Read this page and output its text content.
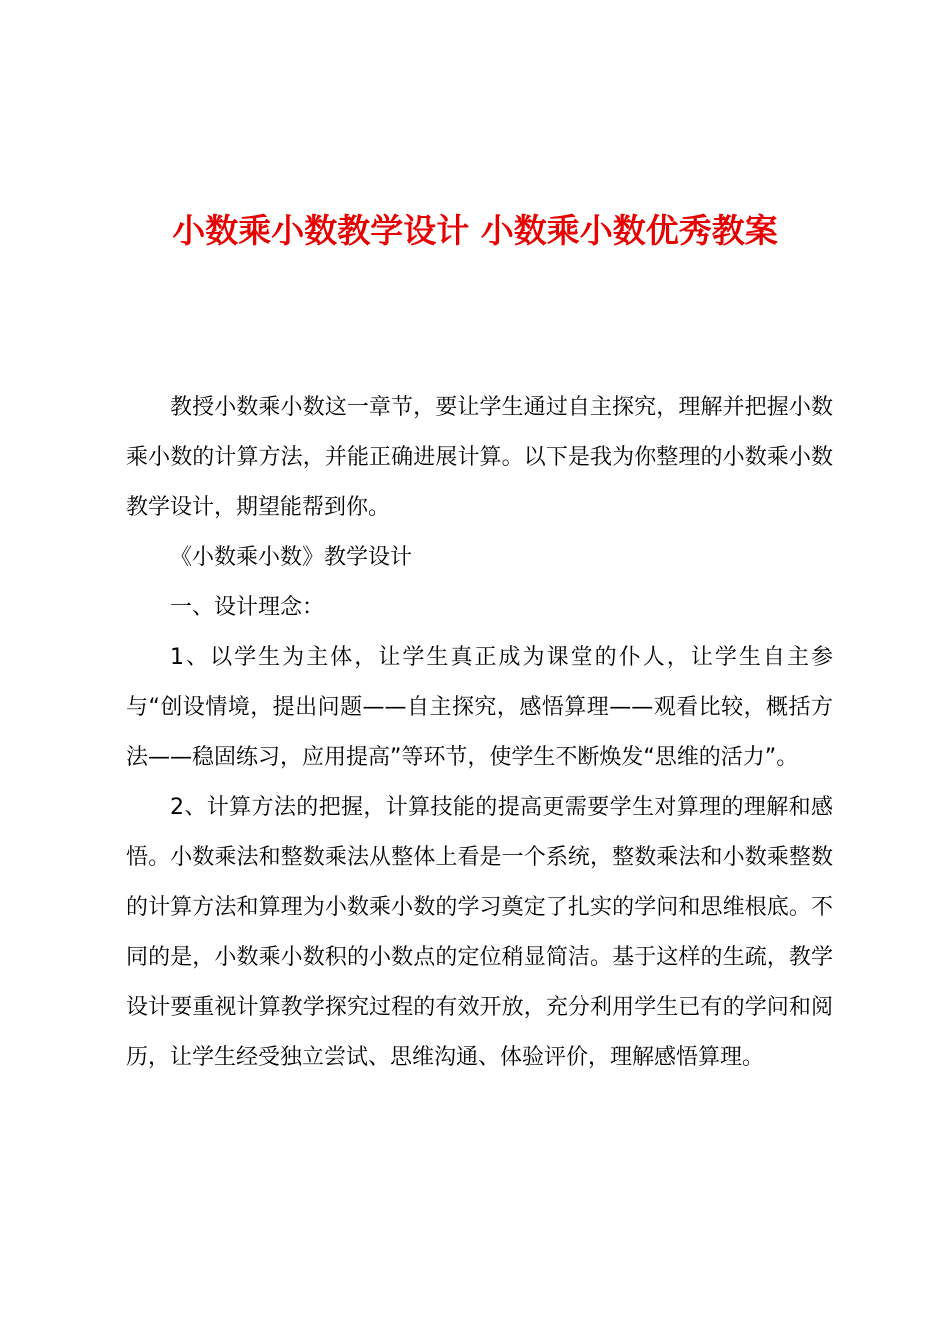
小数乘小数教学设计 小数乘小数优秀教案

教授小数乘小数这一章节，要让学生通过自主探究，理解并把握小数乘小数的计算方法，并能正确进展计算。以下是我为你整理的小数乘小数教学设计，期望能帮到你。

《小数乘小数》教学设计

一、设计理念：

1、以学生为主体，让学生真正成为课堂的仆人，让学生自主参与“创设情境，提出问题——自主探究，感悟算理——观看比较，概括方法——稳固练习，应用提高”等环节，使学生不断焕发“思维的活力”。

2、计算方法的把握，计算技能的提高更需要学生对算理的理解和感悟。小数乘法和整数乘法从整体上看是一个系统，整数乘法和小数乘整数的计算方法和算理为小数乘小数的学习奠定了扎实的学问和思维根底。不同的是，小数乘小数积的小数点的定位稍显简洁。基于这样的生疏，教学设计要重视计算教学探究过程的有效开放，充分利用学生已有的学问和阅历，让学生经受独立尝试、思维沟通、体验评价，理解感悟算理。
